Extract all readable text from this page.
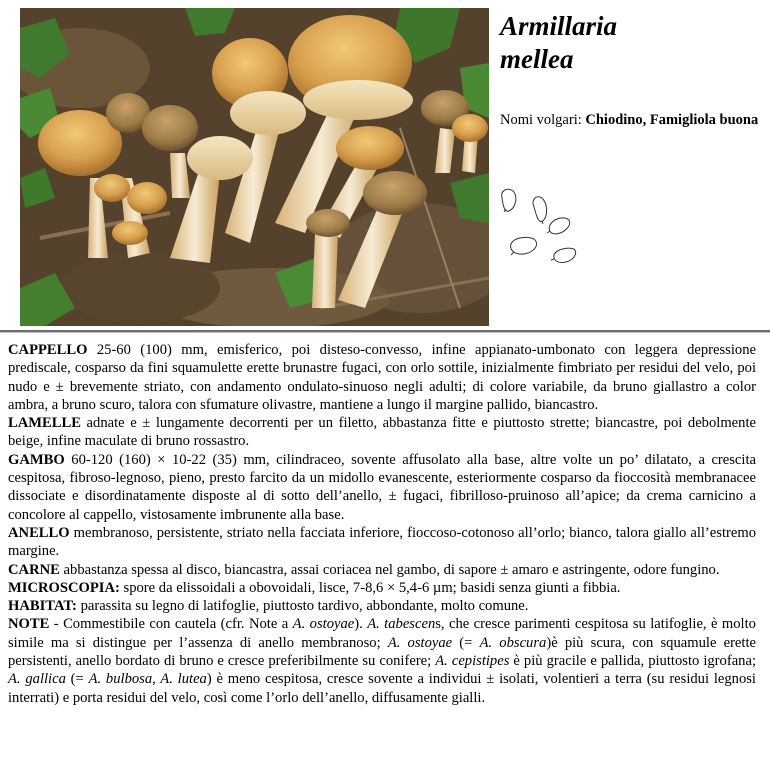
Armillaria
mellea
Nomi volgari: Chiodino, Famigliola buona

CAPPELLO 25-60 (100) mm, emisferico, poi disteso-convesso, infine appianato-umbonato con leggera depressione prediscale, cosparso da fini squamulette erette brunastre fugaci, con orlo sottile, inizialmente fimbriato per residui del velo, poi nudo e ± brevemente striato, con andamento ondulato-sinuoso negli adulti; di colore variabile, da bruno giallastro a color ambra, a bruno scuro, talora con sfumature olivastre, mantiene a lungo il margine pallido, biancastro.

LAMELLE adnate e ± lungamente decorrenti per un filetto, abbastanza fitte e piuttosto strette; biancastre, poi debolmente beige, infine maculate di bruno rossastro.

GAMBO 60-120 (160) × 10-22 (35) mm, cilindraceo, sovente affusolato alla base, altre volte un po’ dilatato, a crescita cespitosa, fibroso-legnoso, pieno, presto farcito da un midollo evanescente, esteriormente cosparso da fioccosità membranacee dissociate e disordinatamente disposte al di sotto dell’anello, ± fugaci, fibrilloso-pruinoso all’apice; da crema carnicino a concolore al cappello, vistosamente imbrunente alla base.

ANELLO membranoso, persistente, striato nella facciata inferiore, fioccoso-cotonoso all’orlo; bianco, talora giallo all’estremo margine.

CARNE abbastanza spessa al disco, biancastra, assai coriacea nel gambo, di sapore ± amaro e astringente, odore fungino.

MICROSCOPIA: spore da elissoidali a obovoidali, lisce, 7-8,6 × 5,4-6 µm; basidi senza giunti a fibbia.

HABITAT: parassita su legno di latifoglie, piuttosto tardivo, abbondante, molto comune.

NOTE - Commestibile con cautela (cfr. Note a A. ostoyae). A. tabescens, che cresce parimenti cespitosa su latifoglie, è molto simile ma si distingue per l’assenza di anello membranoso; A. ostoyae (= A. obscura)è più scura, con squamule erette persistenti, anello bordato di bruno e cresce preferibilmente su conifere; A. cepistipes è più gracile e pallida, piuttosto igrofana; A. gallica (= A. bulbosa, A. lutea) è meno cespitosa, cresce sovente a individui ± isolati, volentieri a terra (su residui legnosi interrati) e porta residui del velo, così come l’orlo dell’anello, diffusamente gialli.
